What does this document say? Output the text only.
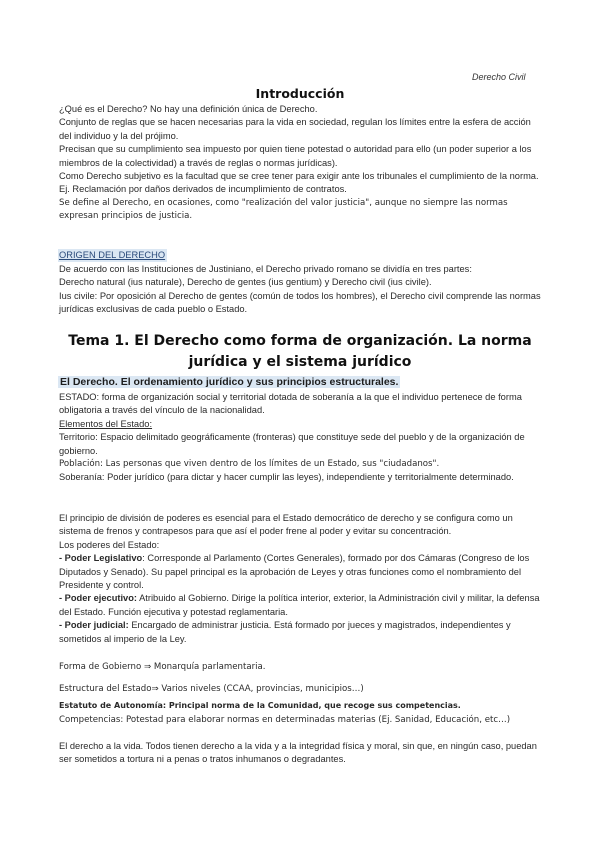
Derecho Civil
Introducción

¿Qué es el Derecho? No hay una definición única de Derecho.

Conjunto de reglas que se hacen necesarias para la vida en sociedad, regulan los límites entre la esfera de acción del individuo y la del prójimo.

Precisan que su cumplimiento sea impuesto por quien tiene potestad o autoridad para ello (un poder superior a los miembros de la colectividad) a través de reglas o normas jurídicas).

Como Derecho subjetivo es la facultad que se cree tener para exigir ante los tribunales el cumplimiento de la norma.

Ej. Reclamación por daños derivados de incumplimiento de contratos.

Se define al Derecho, en ocasiones, como "realización del valor justicia", aunque no siempre las normas expresan principios de justicia.

ORIGEN DEL DERECHO

De acuerdo con las Instituciones de Justiniano, el Derecho privado romano se dividía en tres partes:

Derecho natural (ius naturale), Derecho de gentes (ius gentium) y Derecho civil (ius civile).

Ius civile: Por oposición al Derecho de gentes (común de todos los hombres), el Derecho civil comprende las normas jurídicas exclusivas de cada pueblo o Estado.

Tema 1. El Derecho como forma de organización. La norma jurídica y el sistema jurídico
El Derecho. El ordenamiento jurídico y sus principios estructurales.

ESTADO: forma de organización social y territorial dotada de soberanía a la que el individuo pertenece de forma obligatoria a través del vínculo de la nacionalidad.

Elementos del Estado:

Territorio: Espacio delimitado geográficamente (fronteras) que constituye sede del pueblo y de la organización de gobierno.

Población: Las personas que viven dentro de los límites de un Estado, sus "ciudadanos".

Soberanía: Poder jurídico (para dictar y hacer cumplir las leyes), independiente y territorialmente determinado.

El principio de división de poderes es esencial para el Estado democrático de derecho y se configura como un sistema de frenos y contrapesos para que así el poder frene al poder y evitar su concentración.

Los poderes del Estado:

- Poder Legislativo: Corresponde al Parlamento (Cortes Generales), formado por dos Cámaras (Congreso de los Diputados y Senado). Su papel principal es la aprobación de Leyes y otras funciones como el nombramiento del Presidente y control.

- Poder ejecutivo: Atribuido al Gobierno. Dirige la política interior, exterior, la Administración civil y militar, la defensa del Estado. Función ejecutiva y potestad reglamentaria.

- Poder judicial: Encargado de administrar justicia. Está formado por jueces y magistrados, independientes y sometidos al imperio de la Ley.

Forma de Gobierno ⇒ Monarquía parlamentaria.
Estructura del Estado⇒ Varios niveles (CCAA, provincias, municipios…)
Estatuto de Autonomía: Principal norma de la Comunidad, que recoge sus competencias.
Competencias: Potestad para elaborar normas en determinadas materias (Ej. Sanidad, Educación, etc…)
El derecho a la vida. Todos tienen derecho a la vida y a la integridad física y moral, sin que, en ningún caso, puedan ser sometidos a tortura ni a penas o tratos inhumanos o degradantes.
